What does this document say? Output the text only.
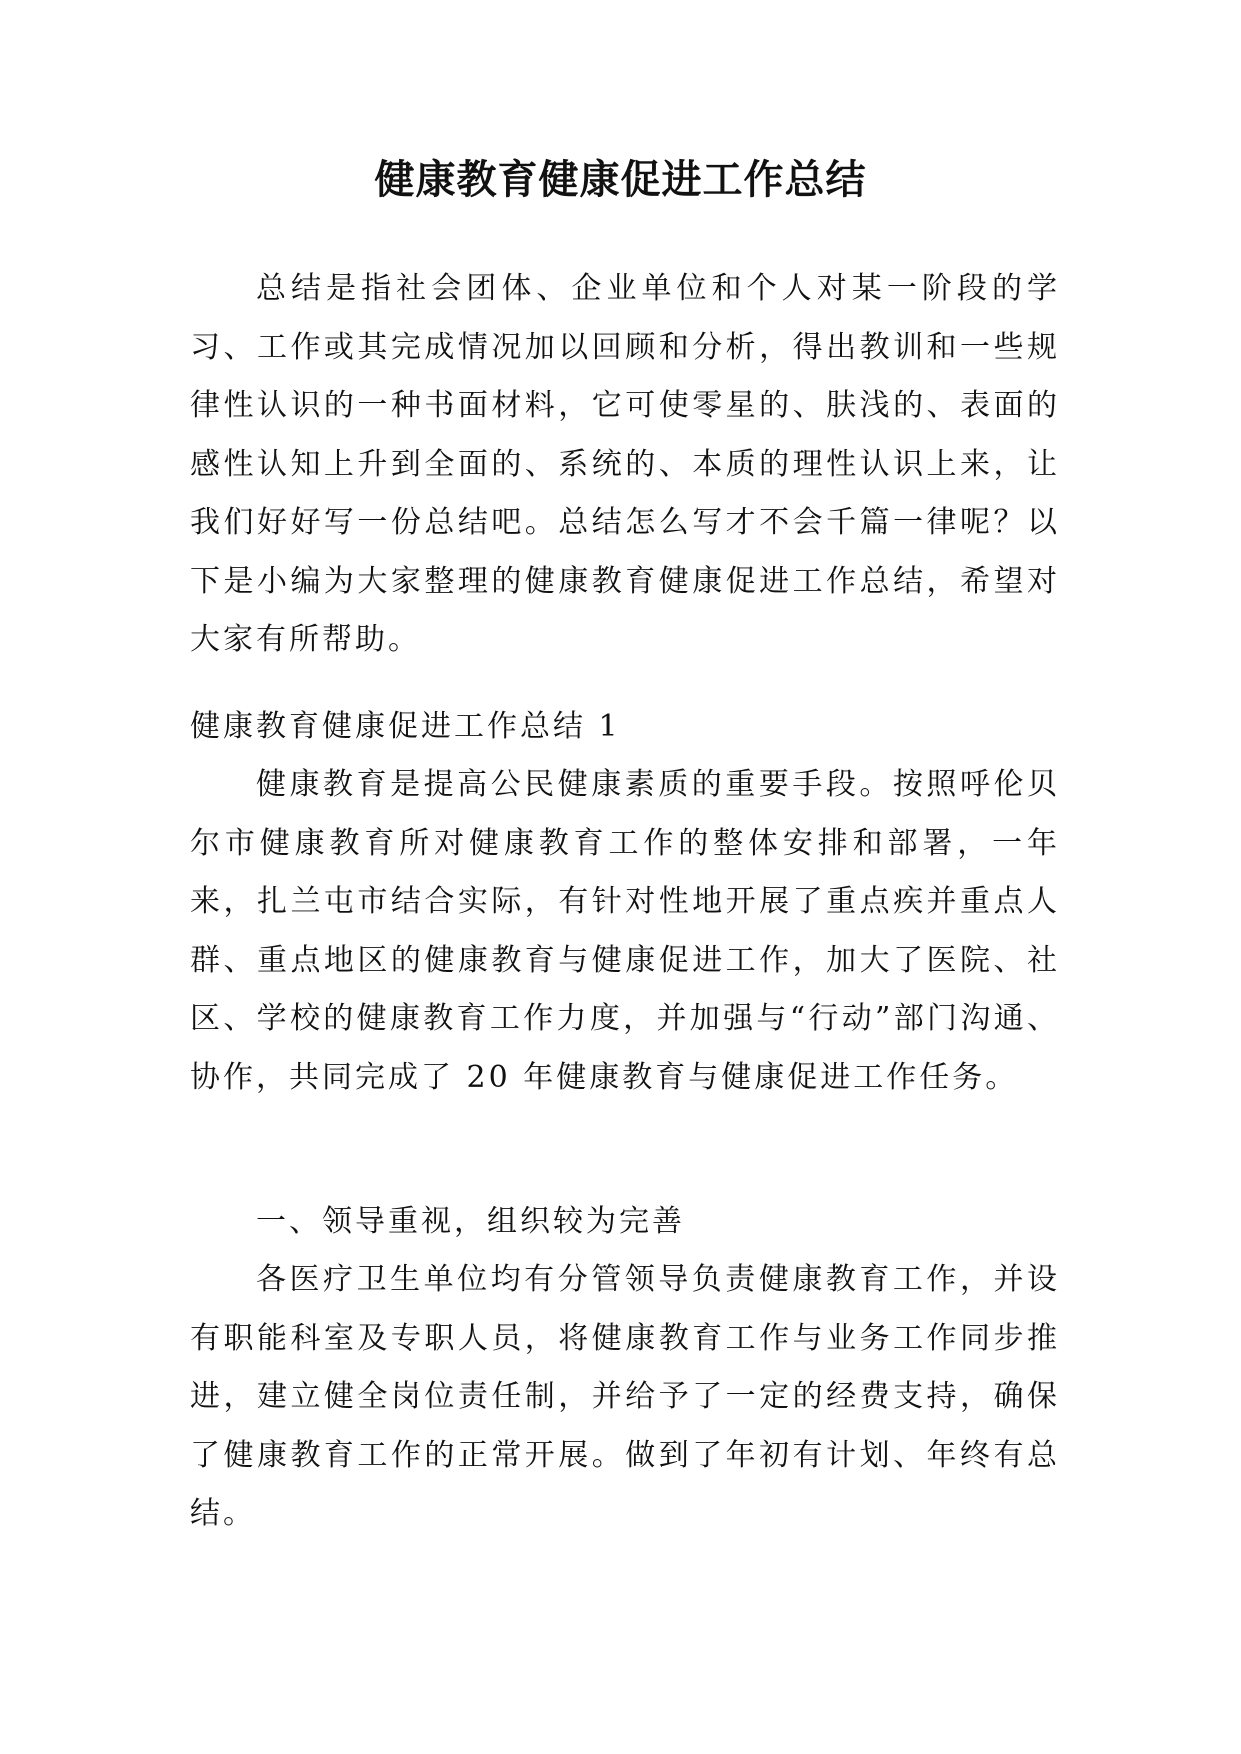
健康教育健康促进工作总结

总结是指社会团体、企业单位和个人对某一阶段的学习、工作或其完成情况加以回顾和分析，得出教训和一些规律性认识的一种书面材料，它可使零星的、肤浅的、表面的感性认知上升到全面的、系统的、本质的理性认识上来，让我们好好写一份总结吧。总结怎么写才不会千篇一律呢？以下是小编为大家整理的健康教育健康促进工作总结，希望对大家有所帮助。

健康教育健康促进工作总结 1

健康教育是提高公民健康素质的重要手段。按照呼伦贝尔市健康教育所对健康教育工作的整体安排和部署，一年来，扎兰屯市结合实际，有针对性地开展了重点疾并重点人群、重点地区的健康教育与健康促进工作，加大了医院、社区、学校的健康教育工作力度，并加强与“行动”部门沟通、协作，共同完成了 20 年健康教育与健康促进工作任务。

一、领导重视，组织较为完善

各医疗卫生单位均有分管领导负责健康教育工作，并设有职能科室及专职人员，将健康教育工作与业务工作同步推进，建立健全岗位责任制，并给予了一定的经费支持，确保了健康教育工作的正常开展。做到了年初有计划、年终有总结。
